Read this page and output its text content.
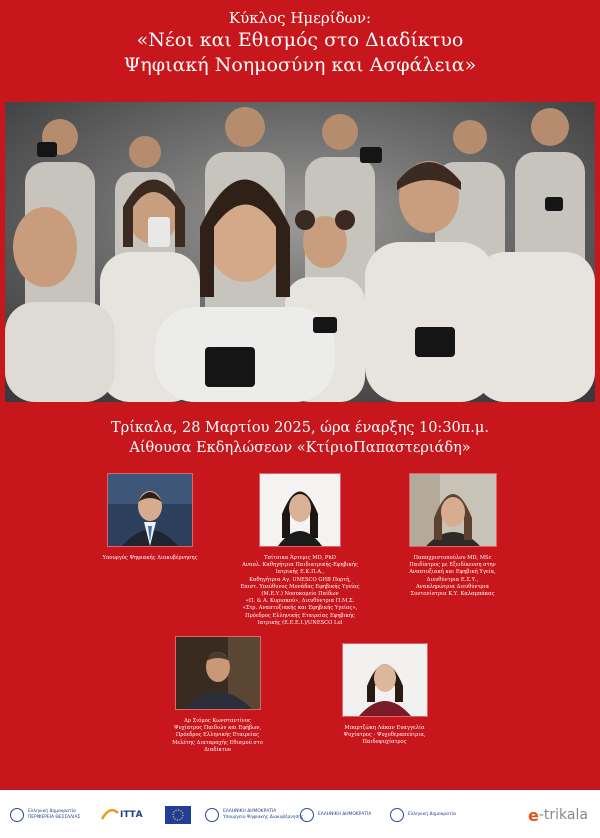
Κύκλος Ημερίδων:
«Νέοι και Εθισμός στο Διαδίκτυο
Ψηφιακή Νοημοσύνη και Ασφάλεια»
Τρίκαλα, 28 Μαρτίου 2025, ώρα έναρξης 10:30π.μ.
Αίθουσα Εκδηλώσεων «ΚτίριοΠαπαστεριάδη»
Υπουργός Ψηφιακής Διακυβέρνησης	Τσίτσικα Άρτεμις MD, PhD
Αναπλ. Καθηγήτρια Παιδιατρικής-Εφηβικής
Ιατρικής Ε.Κ.Π.Α.,
Καθηγήτρια Αγ. UNESCO GHB Πορτή,
Επιστ. Υπεύθυνος Μονάδας Εφηβικής Υγείας
(Μ.Ε.Υ.) Νοσοκομείο Παίδων
«Π. & Α. Κυριακού», Διευθύντρια Π.Μ.Σ.
«Στρ. Αναπτυξιακής και Εφηβικής Υγείας»,
Πρόεδρος Ελληνικής Εταιρείας Εφηβικής
Ιατρικής (Ε.Ε.Ε.Ι.)/UNESCO Lol
Παπαχριστοπούλου MD, MSc
Παιδίατρος με Εξειδίκευση στην
Αναπτυξιακή και Εφηβική Υγεία,
Διευθύντρια Ε.Σ.Υ.,
Αναπληρώτρια Διευθύντρια
Συντονίστρια Κ.Υ. Καλαμπάκας
Δρ Σιόμος Κωνσταντίνος
Ψυχίατρος Παιδιών και Εφήβων,
Πρόεδρος Ελληνικής Εταιρείας
Μελέτης Διαταραχής Εθισμού στο
Διαδίκτυο
Μπαρτζώκη Λάκαν Ευαγγελία
Ψυχίατρος - Ψυχοθεραπεύτρια,
Παιδοψυχίατρος
Ελληνική Δημοκρατία
ΠΕΡΙΦΕΡΕΙΑ ΘΕΣΣΑΛΙΑΣ	ΙΤΤΑ	ΕΛΛΗΝΙΚΗ ΔΗΜΟΚΡΑΤΙΑ
Υπουργείο Ψηφιακής Διακυβέρνησης
ΕΛΛΗΝΙΚΗ ΔΗΜΟΚΡΑΤΙΑ	Ελληνική Δημοκρατία	e -trikala
